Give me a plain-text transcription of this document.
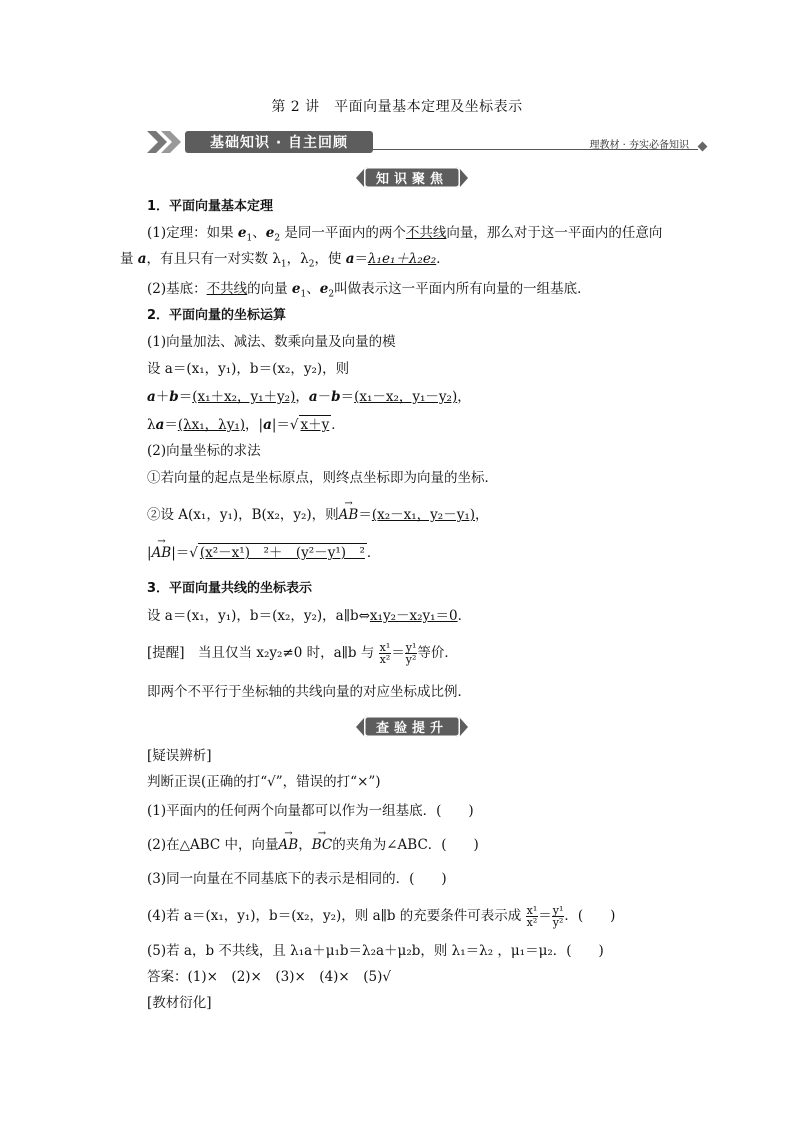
第 2 讲　平面向量基本定理及坐标表示
基础知识 · 自主回顾	理教材 · 夯实必备知识
知识聚焦
1．平面向量基本定理
(1)定理：如果 $e_1$、$e_2$ 是同一平面内的两个不共线向量，那么对于这一平面内的任意向
量 a，有且只有一对实数 $\lambda_1$，$\lambda_2$，使 a＝λ₁e₁＋λ₂e₂．
(2)基底：不共线的向量 $e_1$、$e_2$叫做表示这一平面内所有向量的一组基底．
2．平面向量的坐标运算
(1)向量加法、减法、数乘向量及向量的模
设 a＝(x₁，y₁)，b＝(x₂，y₂)，则
a＋b＝(x₁＋x₂，y₁＋y₂)，a－b＝(x₁－x₂，y₁－y₂)，
λa＝(λx₁，λy₁)，|a|＝√ x＋y ．
(2)向量坐标的求法
①若向量的起点是坐标原点，则终点坐标即为向量的坐标．
②设 A(x₁，y₁)，B(x₂，y₂)，则→ AB＝(x₂－x₁，y₂－y₁)，
|→ AB|＝√ (x²－x¹)　²＋　(y²－y¹)　² ．
3．平面向量共线的坐标表示
设 a＝(x₁，y₁)，b＝(x₂，y₂)，a∥b⇔x₁y₂－x₂y₁＝0．
[提醒]　当且仅当 x₂y₂≠0 时，a∥b 与 $\frac{\text{x¹}}{\text{x²}} = \frac{\text{y¹}}{\text{y²}}$ 等价．
即两个不平行于坐标轴的共线向量的对应坐标成比例．
查验提升
[疑误辨析]
判断正误(正确的打“√”，错误的打“×”)
(1)平面内的任何两个向量都可以作为一组基底．(　　)
(2)在△ABC 中，向量→ AB，→ BC的夹角为∠ABC．(　　)
(3)同一向量在不同基底下的表示是相同的．(　　)
(4)若 a＝(x₁，y₁)，b＝(x₂，y₂)，则 a∥b 的充要条件可表示成 $\frac{\text{x¹}}{\text{x²}} = \frac{\text{y¹}}{\text{y²}}$ ．(　　)
(5)若 a，b 不共线，且 λ₁a＋μ₁b＝λ₂a＋μ₂b，则 λ₁＝λ₂ ，μ₁＝μ₂．(　　)
答案：(1)×　(2)×　(3)×　(4)×　(5)√
[教材衍化]
